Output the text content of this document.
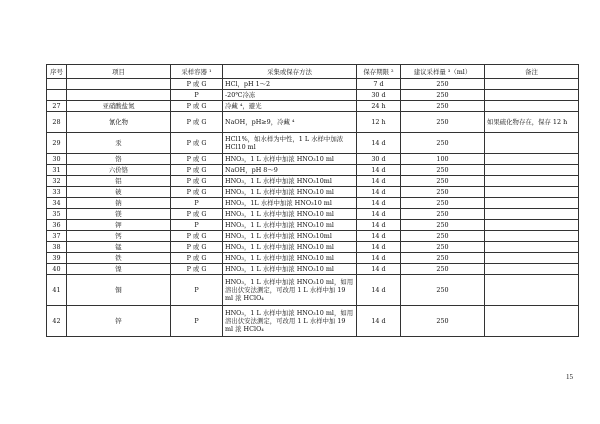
序号	项目	采样容器 ¹	采集或保存方法	保存期限 ²	建议采样量 ³（ml）	备注
		P 或 G	HCl，pH 1～2	7 d	250	
		P	-20℃冷冻	30 d	250	
27	亚硝酸盐氮	P 或 G	冷藏 ⁴，避光	24 h	250	
28	氰化物	P 或 G	NaOH，pH≥9，冷藏 ⁴	12 h	250	如果硫化物存在，保存 12 h
29	汞	P 或 G	HCl1%，如水样为中性，1 L 水样中加浓 HCl10 ml	14 d	250	
30	铬	P 或 G	HNO₃，1 L 水样中加浓 HNO₃10 ml	30 d	100	
31	六价铬	P 或 G	NaOH，pH 8～9	14 d	250	
32	铝	P 或 G	HNO₃，1 L 水样中加浓 HNO₃10ml	14 d	250	
33	铍	P 或 G	HNO₃，1 L 水样中加浓 HNO₃10 ml	14 d	250	
34	钠	P	HNO₃，1L 水样中加浓 HNO₃10 ml	14 d	250	
35	镁	P 或 G	HNO₃，1 L 水样中加浓 HNO₃10 ml	14 d	250	
36	钾	P	HNO₃，1 L 水样中加浓 HNO₃10 ml	14 d	250	
37	钙	P 或 G	HNO₃，1 L 水样中加浓 HNO₃10ml	14 d	250	
38	锰	P 或 G	HNO₃，1 L 水样中加浓 HNO₃10 ml	14 d	250	
39	铁	P 或 G	HNO₃，1 L 水样中加浓 HNO₃10 ml	14 d	250	
40	镍	P 或 G	HNO₃，1 L 水样中加浓 HNO₃10 ml	14 d	250	
41	铜	P	HNO₃，1 L 水样中加浓 HNO₃10 ml，如用溶出伏安法测定，可改用 1 L 水样中加 19 ml 浓 HClO₄	14 d	250	
42	锌	P	HNO₃，1 L 水样中加浓 HNO₃10 ml，如用溶出伏安法测定，可改用 1 L 水样中加 19 ml 浓 HClO₄	14 d	250	
15
